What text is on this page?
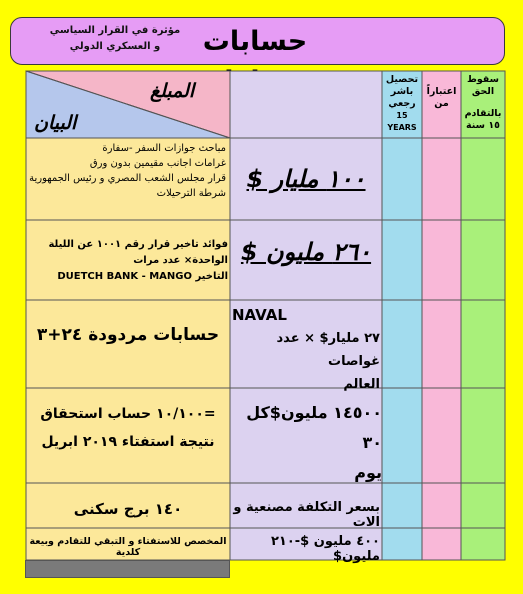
حسابات
مؤثرة في القرار السياسي
و العسكري الدولي
المبلغ
البيان
تحصيل
باشر رجعي
15 YEARS
اعتباراً من
سقوط الحق
بالتقادم
١٥ سنة
مباحث جوازات السفر -سفارة
غرامات اجانب مقيمين بدون ورق
قرار مجلس الشعب المصري و رئيس الجمهورية
شرطة الترحيلات
١٠٠ مليار $
فوائد تاخير قرار رقم ١٠٠١ عن الليلة الواحدة× عدد مرات
التاخير DUETCH BANK - MANGO
٢٦٠ مليون $
حسابات مردودة ٢٤+٣
NAVAL
٢٧ مليار$ × عدد غواصات
العالم
=١٠/١٠٠ حساب استحقاق
نتيجة استفتاء ٢٠١٩ ابريل
١٤٥٠٠ مليون$كل ٣٠
يوم
١٤٠ برج سكنى
المخصص للاستفتاء و التبقي للتقادم وبيعة كلدية
بسعر التكلفة مصنعية و الات
٤٠٠ مليون $-٢١٠ مليون$
